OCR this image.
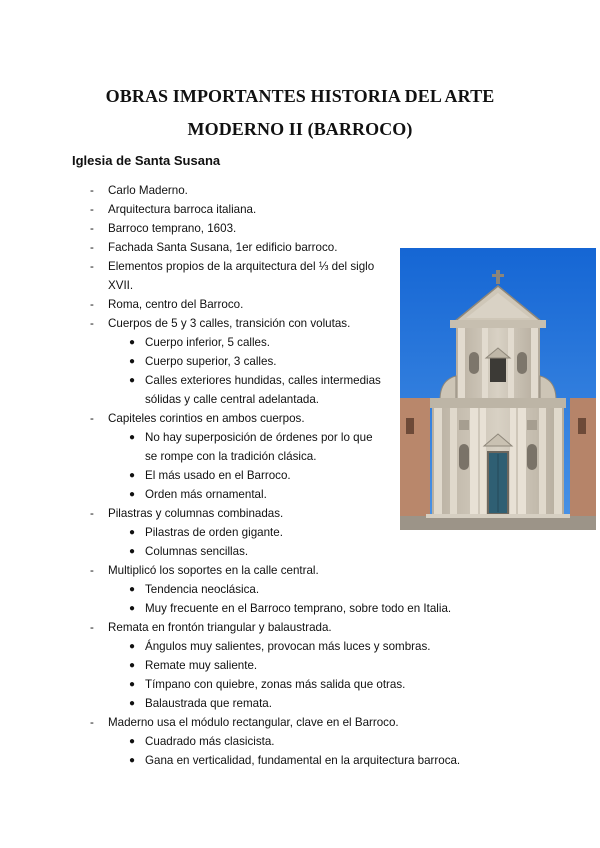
OBRAS IMPORTANTES HISTORIA DEL ARTE
MODERNO II (BARROCO)
Iglesia de Santa Susana
-	Carlo Maderno.
-	Arquitectura barroca italiana.
-	Barroco temprano, 1603.
-	Fachada Santa Susana, 1er edificio barroco.
-	Elementos propios de la arquitectura del ⅓ del siglo
XVII.
-	Roma, centro del Barroco.
-	Cuerpos de 5 y 3 calles, transición con volutas.
● Cuerpo inferior, 5 calles.
● Cuerpo superior, 3 calles.
● Calles exteriores hundidas, calles intermedias
sólidas y calle central adelantada.
-	Capiteles corintios en ambos cuerpos.
● No hay superposición de órdenes por lo que
se rompe con la tradición clásica.
● El más usado en el Barroco.
● Orden más ornamental.
-	Pilastras y columnas combinadas.
● Pilastras de orden gigante.
● Columnas sencillas.
-	Multiplicó los soportes en la calle central.
● Tendencia neoclásica.
● Muy frecuente en el Barroco temprano, sobre todo en Italia.
-	Remata en frontón triangular y balaustrada.
● Ángulos muy salientes, provocan más luces y sombras.
● Remate muy saliente.
● Tímpano con quiebre, zonas más salida que otras.
● Balaustrada que remata.
-	Maderno usa el módulo rectangular, clave en el Barroco.
● Cuadrado más clasicista.
● Gana en verticalidad, fundamental en la arquitectura barroca.
